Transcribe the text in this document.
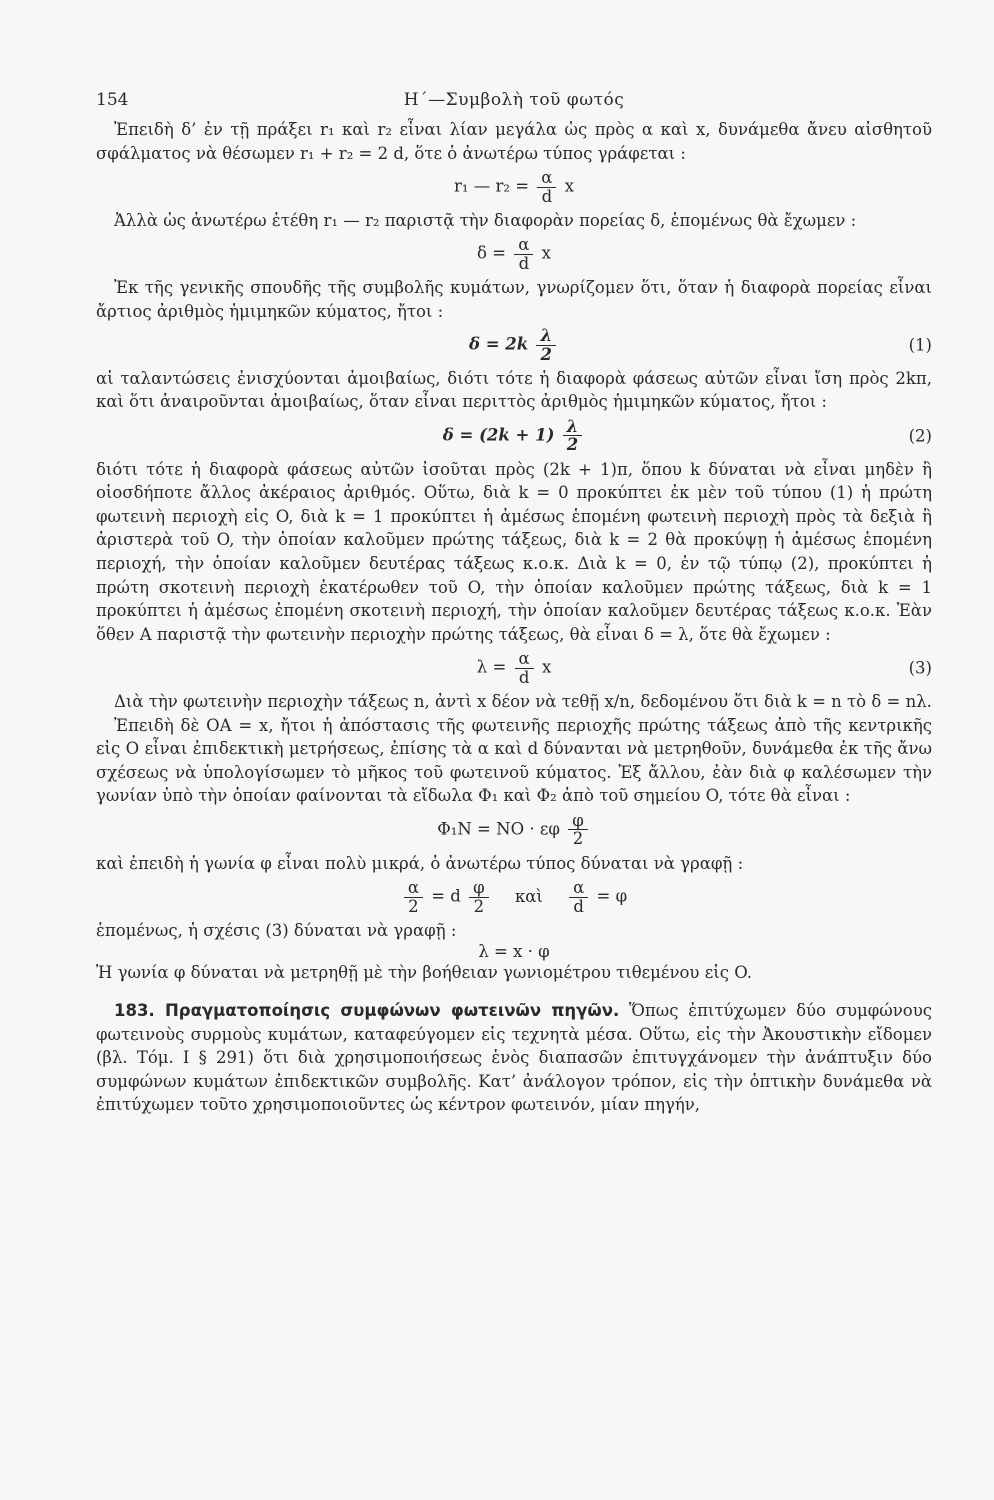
154	Η΄—Συμβολὴ τοῦ φωτός

Ἐπειδὴ δ’ ἐν τῇ πράξει r₁ καὶ r₂ εἶναι λίαν μεγάλα ὡς πρὸς α καὶ x, δυνάμεθα ἄνευ αἰσθητοῦ σφάλματος νὰ θέσωμεν r₁ + r₂ = 2 d, ὅτε ὁ ἀνωτέρω τύπος γράφεται :

r₁ — $r_2 = \frac{\alpha}{d}$ x

Ἀλλὰ ὡς ἀνωτέρω ἐτέθη r₁ — r₂ παριστᾷ τὴν διαφορὰν πορείας δ, ἑπομένως θὰ ἔχωμεν :

$\delta = \frac{\alpha}{d}$ x

Ἐκ τῆς γενικῆς σπουδῆς τῆς συμβολῆς κυμάτων, γνωρίζομεν ὅτι, ὅταν ἡ διαφορὰ πορείας εἶναι ἄρτιος ἀριθμὸς ἡμιμηκῶν κύματος, ἤτοι :

$\delta = 2k \frac{\lambda}{2}$	(1)

αἱ ταλαντώσεις ἐνισχύονται ἀμοιβαίως, διότι τότε ἡ διαφορὰ φάσεως αὐτῶν εἶναι ἴση πρὸς 2kπ, καὶ ὅτι ἀναιροῦνται ἀμοιβαίως, ὅταν εἶναι περιττὸς ἀριθμὸς ἡμιμηκῶν κύματος, ἤτοι :

$\delta = (2k + 1) \frac{\lambda}{2}$	(2)

διότι τότε ἡ διαφορὰ φάσεως αὐτῶν ἰσοῦται πρὸς (2k + 1)π, ὅπου k δύναται νὰ εἶναι μηδὲν ἢ οἱοσδήποτε ἄλλος ἀκέραιος ἀριθμός. Οὕτω, διὰ k = 0 προκύπτει ἐκ μὲν τοῦ τύπου (1) ἡ πρώτη φωτεινὴ περιοχὴ εἰς O, διὰ k = 1 προκύπτει ἡ ἀμέσως ἑπομένη φωτεινὴ περιοχὴ πρὸς τὰ δεξιὰ ἢ ἀριστερὰ τοῦ O, τὴν ὁποίαν καλοῦμεν πρώτης τάξεως, διὰ k = 2 θὰ προκύψῃ ἡ ἀμέσως ἑπομένη περιοχή, τὴν ὁποίαν καλοῦμεν δευτέρας τάξεως κ.ο.κ. Διὰ k = 0, ἐν τῷ τύπῳ (2), προκύπτει ἡ πρώτη σκοτεινὴ περιοχὴ ἑκατέρωθεν τοῦ O, τὴν ὁποίαν καλοῦμεν πρώτης τάξεως, διὰ k = 1 προκύπτει ἡ ἀμέσως ἑπομένη σκοτεινὴ περιοχή, τὴν ὁποίαν καλοῦμεν δευτέρας τάξεως κ.ο.κ. Ἐὰν ὅθεν A παριστᾷ τὴν φωτεινὴν περιοχὴν πρώτης τάξεως, θὰ εἶναι δ = λ, ὅτε θὰ ἔχωμεν :

$\lambda = \frac{\alpha}{d}$ x	(3)

Διὰ τὴν φωτεινὴν περιοχὴν τάξεως n, ἀντὶ x δέον νὰ τεθῇ x/n, δεδομένου ὅτι διὰ k = n τὸ δ = nλ.

Ἐπειδὴ δὲ OA = x, ἤτοι ἡ ἀπόστασις τῆς φωτεινῆς περιοχῆς πρώτης τάξεως ἀπὸ τῆς κεντρικῆς εἰς O εἶναι ἐπιδεκτικὴ μετρήσεως, ἐπίσης τὰ α καὶ d δύνανται νὰ μετρηθοῦν, δυνάμεθα ἐκ τῆς ἄνω σχέσεως νὰ ὑπολογίσωμεν τὸ μῆκος τοῦ φωτεινοῦ κύματος. Ἐξ ἄλλου, ἐὰν διὰ φ καλέσωμεν τὴν γωνίαν ὑπὸ τὴν ὁποίαν φαίνονται τὰ εἴδωλα Φ₁ καὶ Φ₂ ἀπὸ τοῦ σημείου O, τότε θὰ εἶναι :

Φ₁N = NO · εφ $\frac{\varphi}{2}$

καὶ ἐπειδὴ ἡ γωνία φ εἶναι πολὺ μικρά, ὁ ἀνωτέρω τύπος δύναται νὰ γραφῇ :

$\frac{\alpha}{2} = d \frac{\varphi}{2}$ καὶ $\frac{\alpha}{d} = \varphi$

ἑπομένως, ἡ σχέσις (3) δύναται νὰ γραφῇ :

λ = x · φ

Ἡ γωνία φ δύναται νὰ μετρηθῇ μὲ τὴν βοήθειαν γωνιομέτρου τιθεμένου εἰς O.

183. Πραγματοποίησις συμφώνων φωτεινῶν πηγῶν. Ὅπως ἐπιτύχωμεν δύο συμφώνους φωτεινοὺς συρμοὺς κυμάτων, καταφεύγομεν εἰς τεχνητὰ μέσα. Οὕτω, εἰς τὴν Ἀκουστικὴν εἴδομεν (βλ. Τόμ. I § 291) ὅτι διὰ χρησιμοποιήσεως ἑνὸς διαπασῶν ἐπιτυγχάνομεν τὴν ἀνάπτυξιν δύο συμφώνων κυμάτων ἐπιδεκτικῶν συμβολῆς. Κατ’ ἀνάλογον τρόπον, εἰς τὴν ὀπτικὴν δυνάμεθα νὰ ἐπιτύχωμεν τοῦτο χρησιμοποιοῦντες ὡς κέντρον φωτεινόν, μίαν πηγήν,
